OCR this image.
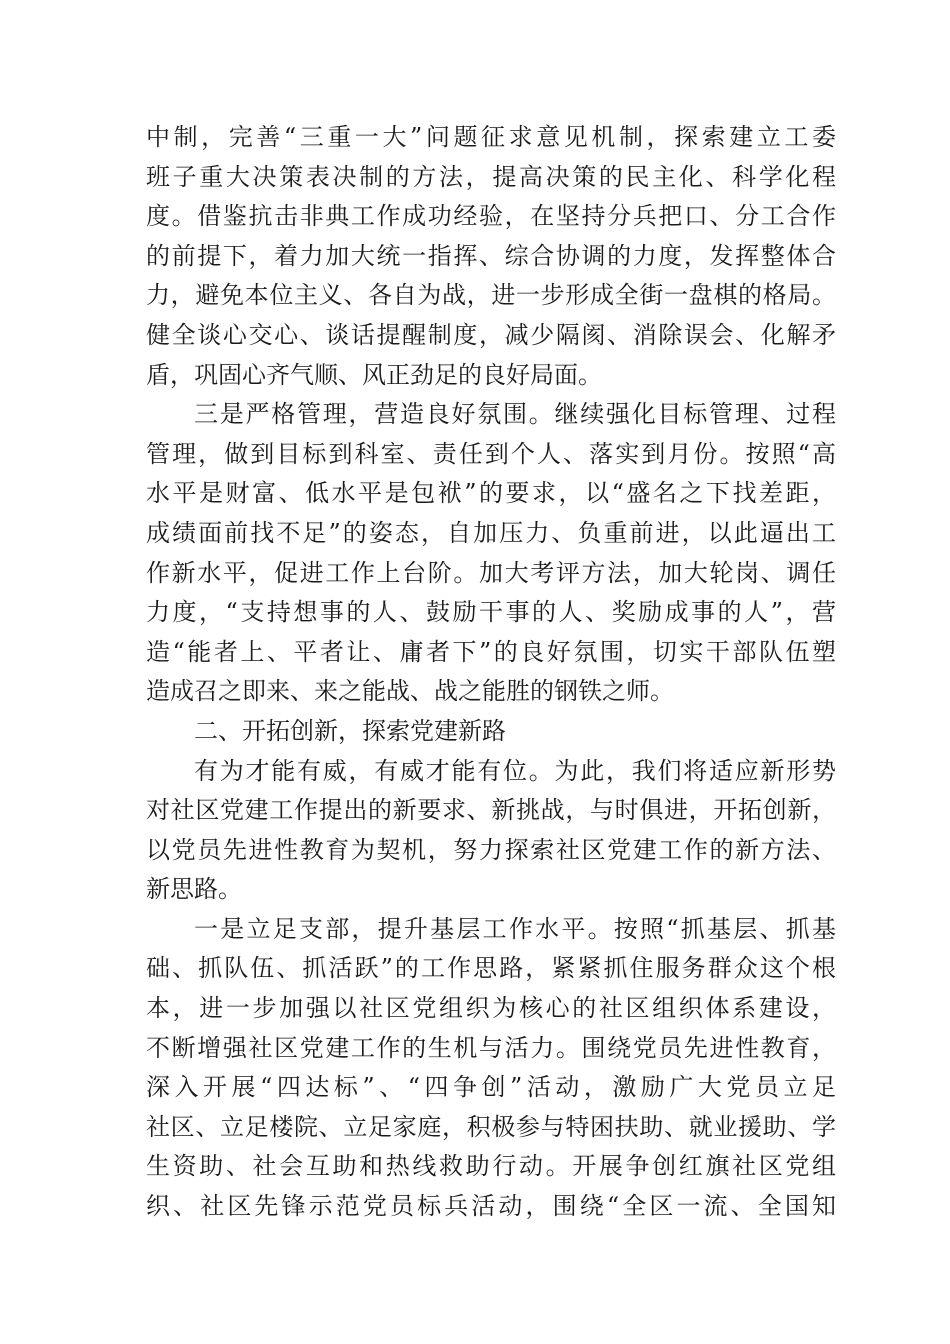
中制，完善“三重一大”问题征求意见机制，探索建立工委
班子重大决策表决制的方法，提高决策的民主化、科学化程
度。借鉴抗击非典工作成功经验，在坚持分兵把口、分工合作
的前提下，着力加大统一指挥、综合协调的力度，发挥整体合
力，避免本位主义、各自为战，进一步形成全街一盘棋的格局。
健全谈心交心、谈话提醒制度，减少隔阂、消除误会、化解矛
盾，巩固心齐气顺、风正劲足的良好局面。
三是严格管理，营造良好氛围。继续强化目标管理、过程
管理，做到目标到科室、责任到个人、落实到月份。按照“高
水平是财富、低水平是包袱”的要求，以“盛名之下找差距，
成绩面前找不足”的姿态，自加压力、负重前进，以此逼出工
作新水平，促进工作上台阶。加大考评方法，加大轮岗、调任
力度，“支持想事的人、鼓励干事的人、奖励成事的人”，营
造“能者上、平者让、庸者下”的良好氛围，切实干部队伍塑
造成召之即来、来之能战、战之能胜的钢铁之师。
二、开拓创新，探索党建新路
有为才能有威，有威才能有位。为此，我们将适应新形势
对社区党建工作提出的新要求、新挑战，与时俱进，开拓创新，
以党员先进性教育为契机，努力探索社区党建工作的新方法、
新思路。
一是立足支部，提升基层工作水平。按照“抓基层、抓基
础、抓队伍、抓活跃”的工作思路，紧紧抓住服务群众这个根
本，进一步加强以社区党组织为核心的社区组织体系建设，
不断增强社区党建工作的生机与活力。围绕党员先进性教育，
深入开展“四达标”、“四争创”活动，激励广大党员立足
社区、立足楼院、立足家庭，积极参与特困扶助、就业援助、学
生资助、社会互助和热线救助行动。开展争创红旗社区党组
织、社区先锋示范党员标兵活动，围绕“全区一流、全国知
